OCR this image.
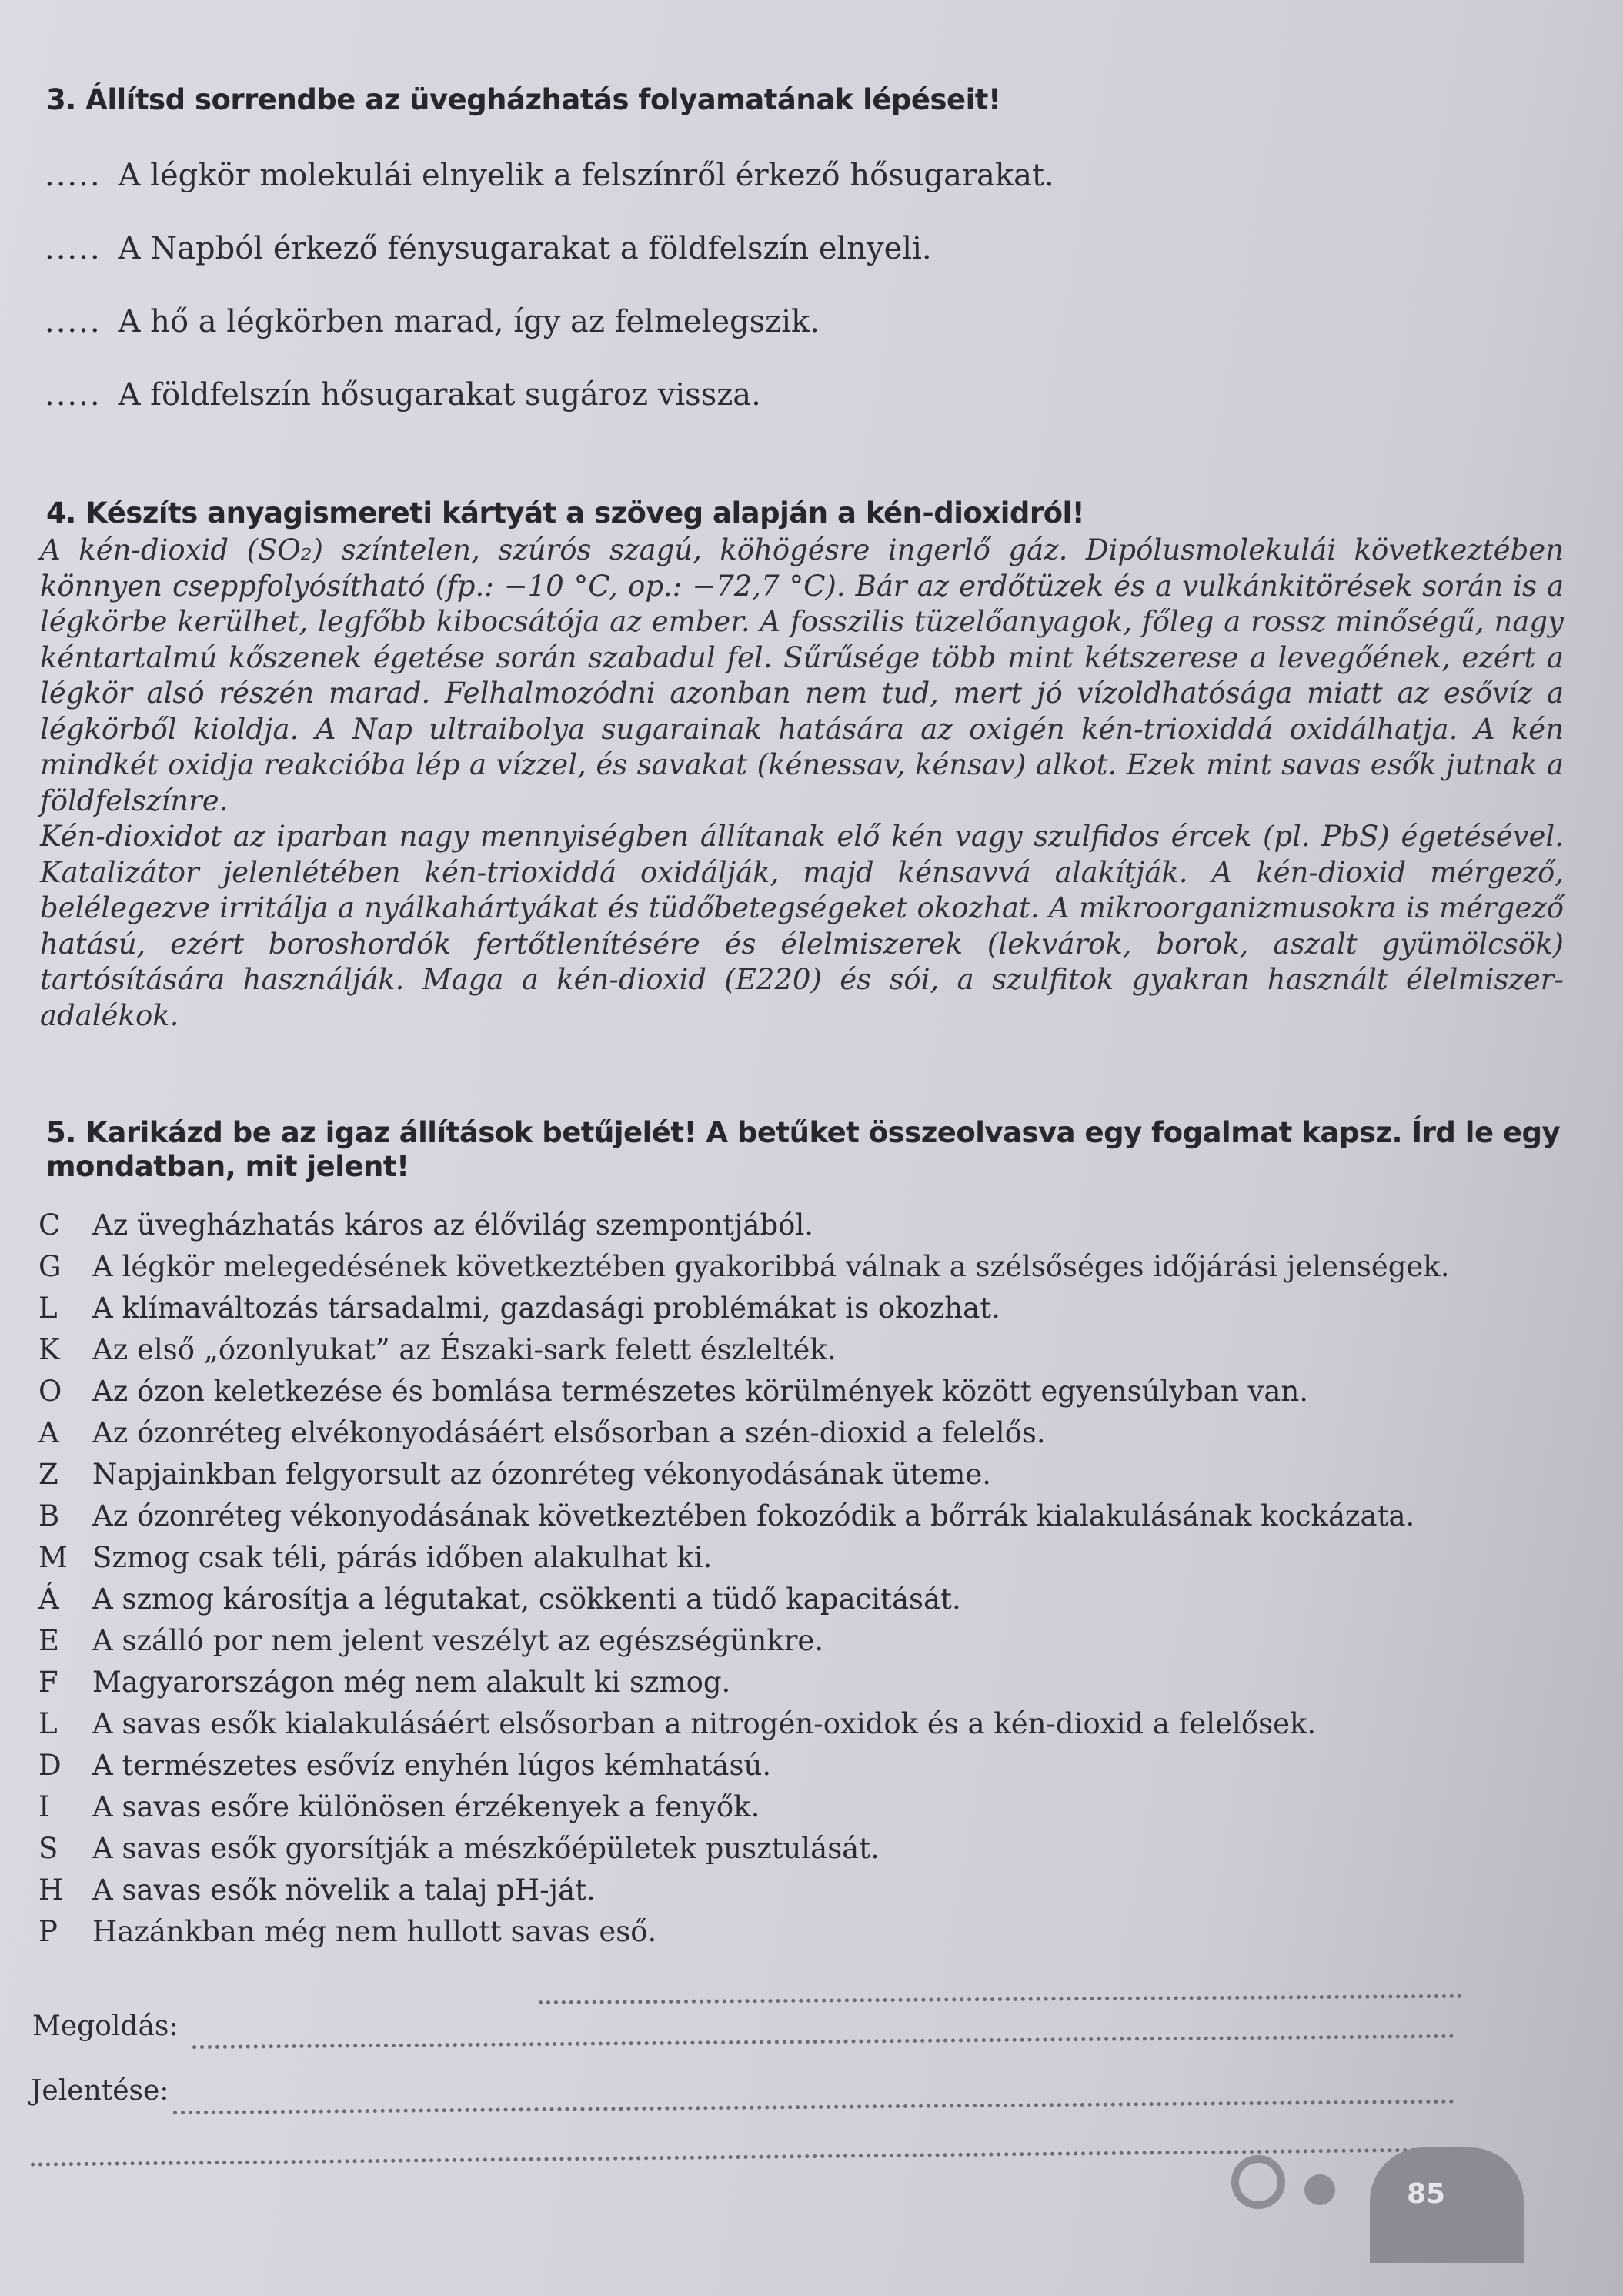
3. Állítsd sorrendbe az üvegházhatás folyamatának lépéseit!
..... A légkör molekulái elnyelik a felszínről érkező hősugarakat.
..... A Napból érkező fénysugarakat a földfelszín elnyeli.
..... A hő a légkörben marad, így az felmelegszik.
..... A földfelszín hősugarakat sugároz vissza.
4. Készíts anyagismereti kártyát a szöveg alapján a kén-dioxidról!

A kén-dioxid (SO₂) színtelen, szúrós szagú, köhögésre ingerlő gáz. Dipólusmolekulái következtében könnyen cseppfolyósítható (fp.: −10 °C, op.: −72,7 °C). Bár az erdőtüzek és a vulkánkitörések során is a légkörbe kerülhet, legfőbb kibocsátója az ember. A fosszilis tüzelőanyagok, főleg a rossz minőségű, nagy kéntartalmú kőszenek égetése során szabadul fel. Sűrűsége több mint kétszerese a levegőének, ezért a légkör alsó részén marad. Felhalmozódni azonban nem tud, mert jó vízoldhatósága miatt az esővíz a légkörből kioldja. A Nap ultraibolya sugarainak hatására az oxigén kén-trioxiddá oxidálhatja. A kén mindkét oxidja reakcióba lép a vízzel, és savakat (kénessav, kénsav) alkot. Ezek mint savas esők jutnak a földfelszínre.

Kén-dioxidot az iparban nagy mennyiségben állítanak elő kén vagy szulfidos ércek (pl. PbS) égetésével. Katalizátor jelenlétében kén-trioxiddá oxidálják, majd kénsavvá alakítják. A kén-dioxid mérgező, belélegezve irritálja a nyálkahártyákat és tüdőbetegségeket okozhat. A mikroorganizmusokra is mérgező hatású, ezért boroshordók fertőtlenítésére és élelmiszerek (lekvárok, borok, aszalt gyümölcsök) tartósítására használják. Maga a kén-dioxid (E220) és sói, a szulfitok gyakran használt élelmiszer-adalékok.

5. Karikázd be az igaz állítások betűjelét! A betűket összeolvasva egy fogalmat kapsz. Írd le egy mondatban, mit jelent!
C Az üvegházhatás káros az élővilág szempontjából.
G A légkör melegedésének következtében gyakoribbá válnak a szélsőséges időjárási jelenségek.
L A klímaváltozás társadalmi, gazdasági problémákat is okozhat.
K Az első „ózonlyukat” az Északi-sark felett észlelték.
O Az ózon keletkezése és bomlása természetes körülmények között egyensúlyban van.
A Az ózonréteg elvékonyodásáért elsősorban a szén-dioxid a felelős.
Z Napjainkban felgyorsult az ózonréteg vékonyodásának üteme.
B Az ózonréteg vékonyodásának következtében fokozódik a bőrrák kialakulásának kockázata.
M Szmog csak téli, párás időben alakulhat ki.
Á A szmog károsítja a légutakat, csökkenti a tüdő kapacitását.
E A szálló por nem jelent veszélyt az egészségünkre.
F Magyarországon még nem alakult ki szmog.
L A savas esők kialakulásáért elsősorban a nitrogén-oxidok és a kén-dioxid a felelősek.
D A természetes esővíz enyhén lúgos kémhatású.
I A savas esőre különösen érzékenyek a fenyők.
S A savas esők gyorsítják a mészkőépületek pusztulását.
H A savas esők növelik a talaj pH-ját.
P Hazánkban még nem hullott savas eső.
Megoldás:
Jelentése:
85
